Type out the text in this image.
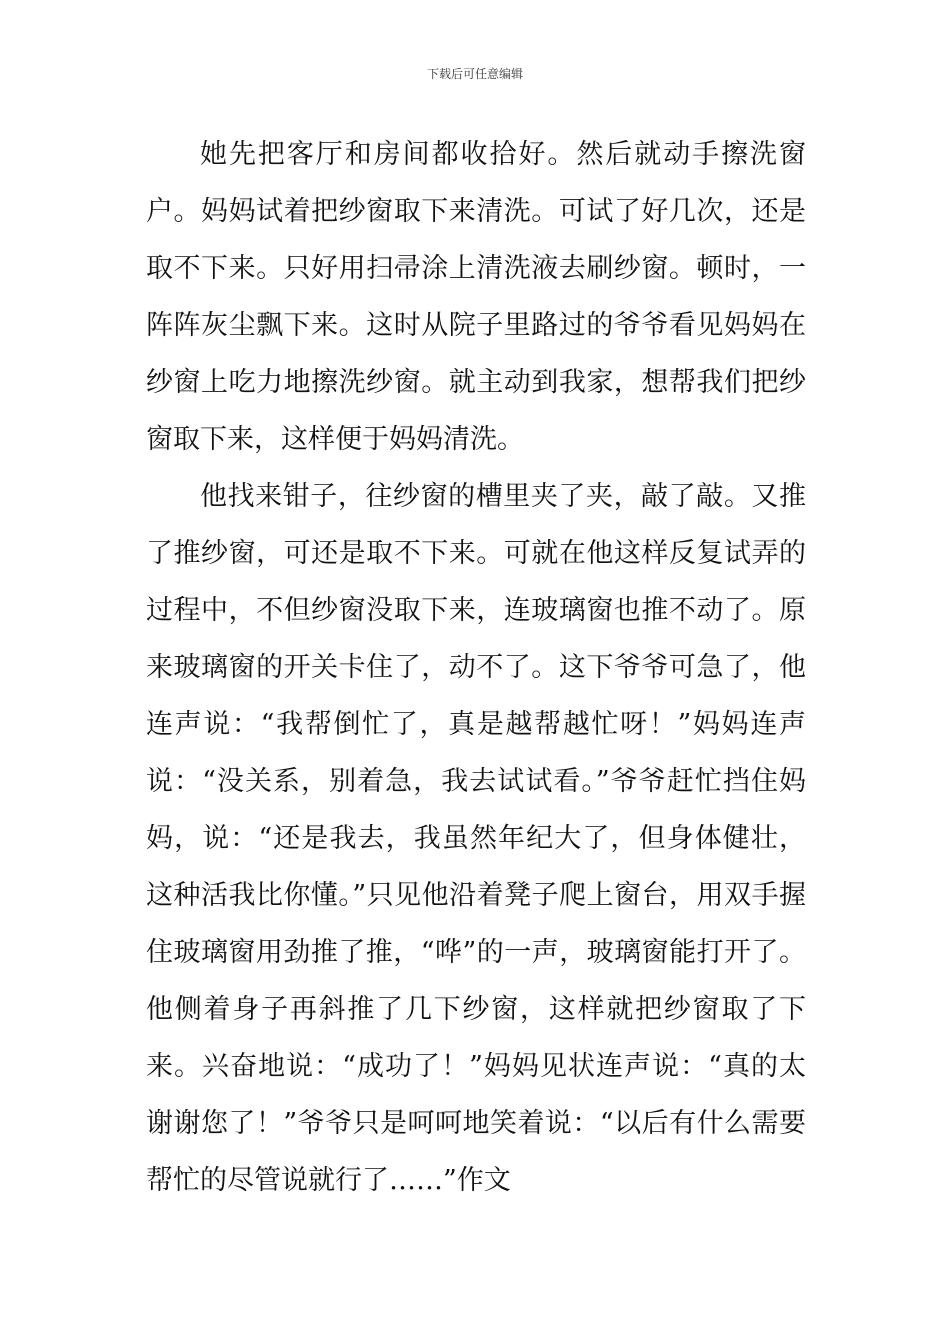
下载后可任意编辑

她先把客厅和房间都收拾好。然后就动手擦洗窗户。妈妈试着把纱窗取下来清洗。可试了好几次，还是取不下来。只好用扫帚涂上清洗液去刷纱窗。顿时，一阵阵灰尘飘下来。这时从院子里路过的爷爷看见妈妈在纱窗上吃力地擦洗纱窗。就主动到我家，想帮我们把纱窗取下来，这样便于妈妈清洗。

他找来钳子，往纱窗的槽里夹了夹，敲了敲。又推了推纱窗，可还是取不下来。可就在他这样反复试弄的过程中，不但纱窗没取下来，连玻璃窗也推不动了。原来玻璃窗的开关卡住了，动不了。这下爷爷可急了，他连声说：“我帮倒忙了，真是越帮越忙呀！”妈妈连声说：“没关系，别着急，我去试试看。”爷爷赶忙挡住妈妈，说：“还是我去，我虽然年纪大了，但身体健壮，这种活我比你懂。”只见他沿着凳子爬上窗台，用双手握住玻璃窗用劲推了推，“哗”的一声，玻璃窗能打开了。他侧着身子再斜推了几下纱窗，这样就把纱窗取了下来。兴奋地说：“成功了！”妈妈见状连声说：“真的太谢谢您了！”爷爷只是呵呵地笑着说：“以后有什么需要帮忙的尽管说就行了……”作文
